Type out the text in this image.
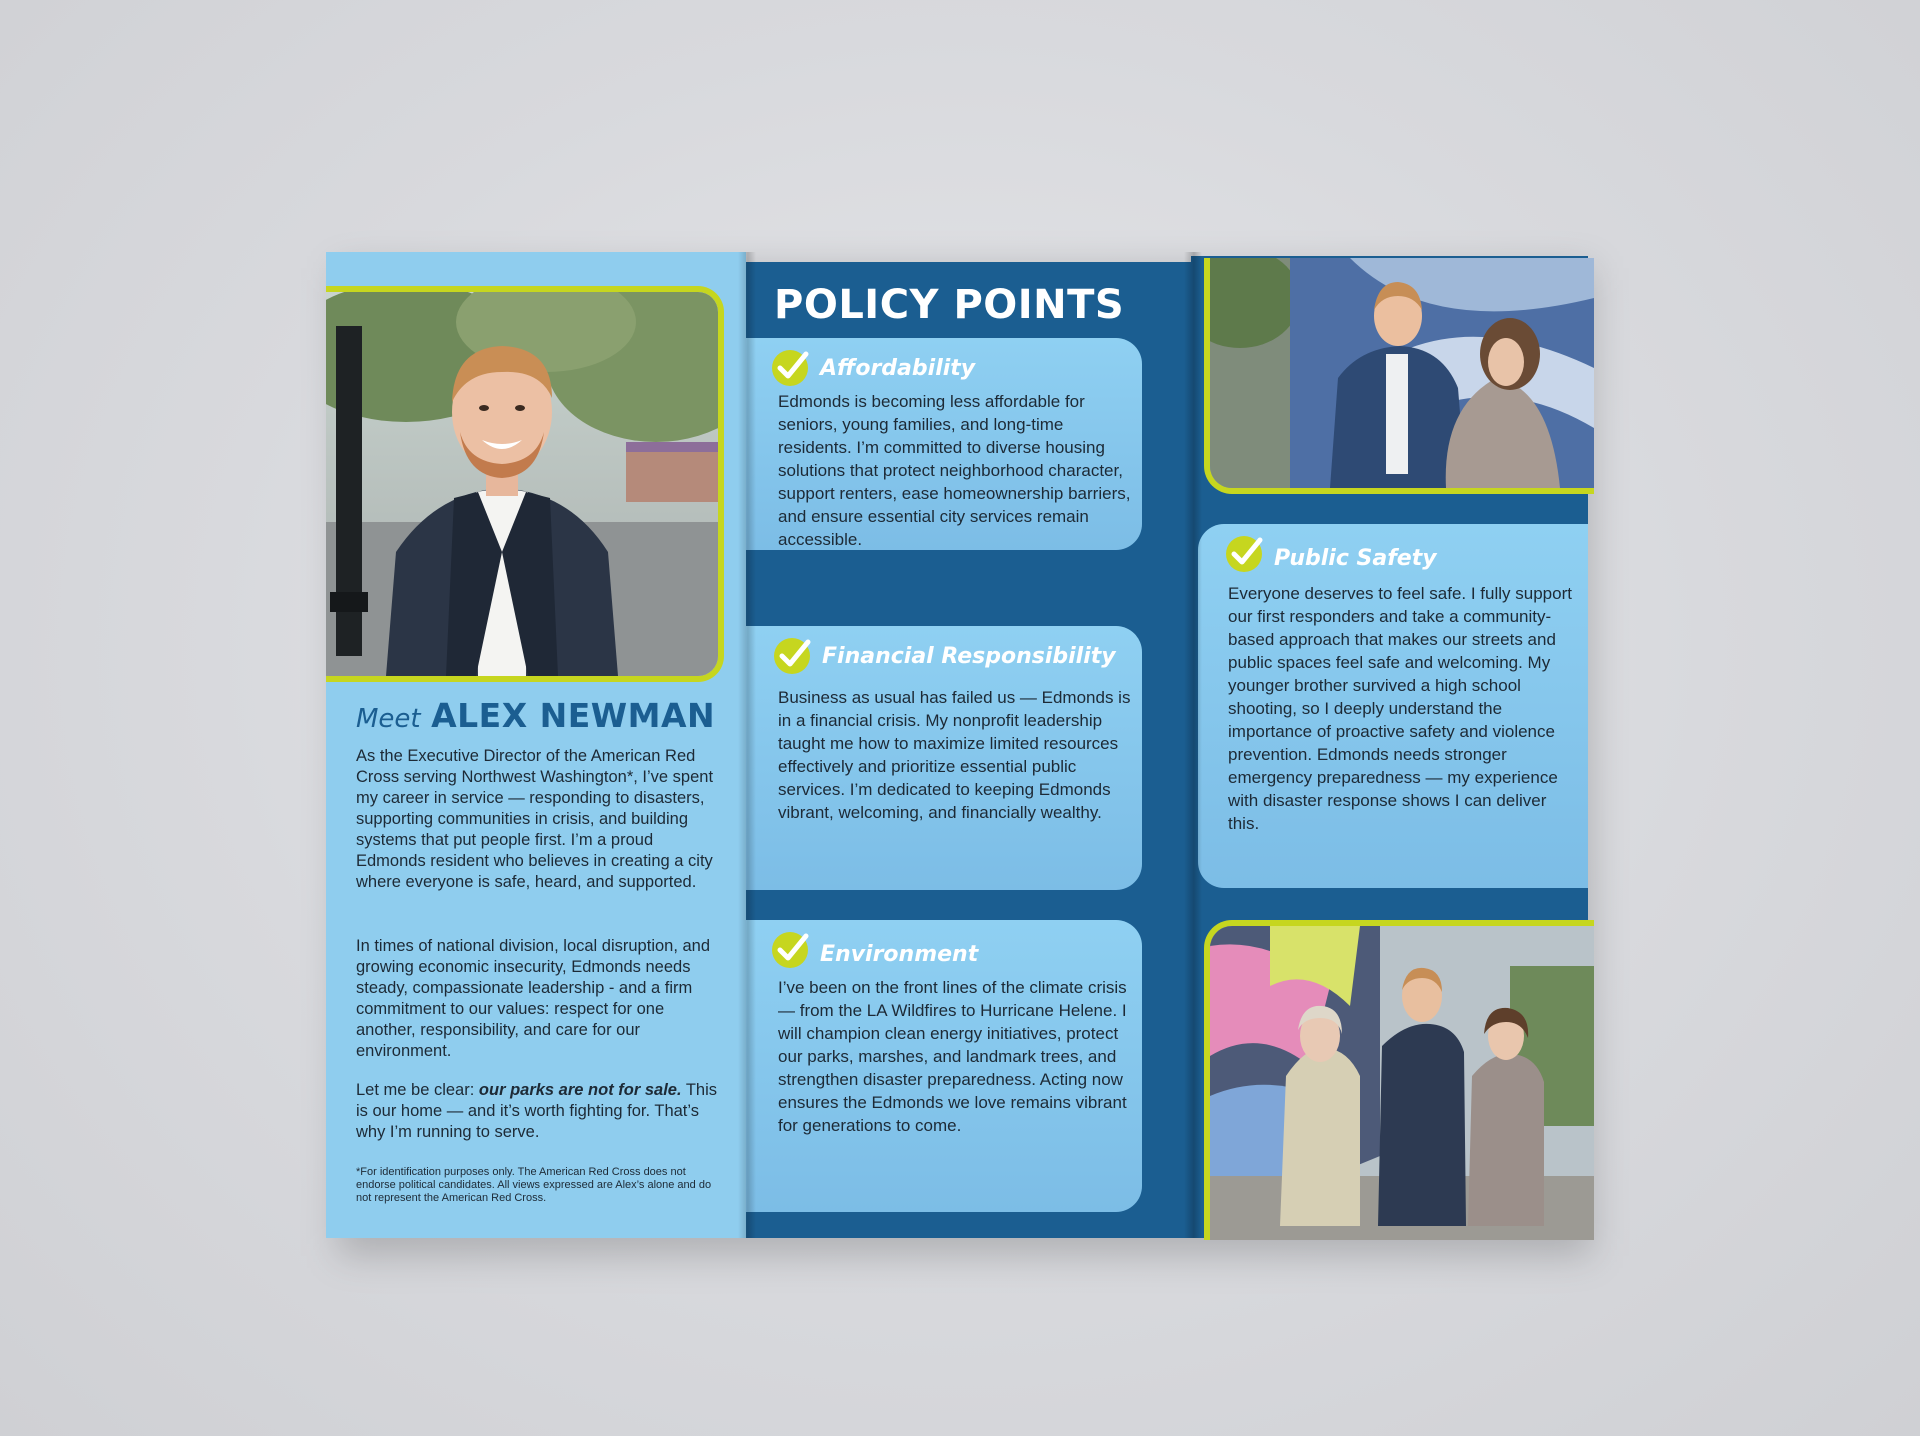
Meet ALEX NEWMAN

As the Executive Director of the American Red Cross serving Northwest Washington*, I’ve spent my career in service — responding to disasters, supporting communities in crisis, and building systems that put people first. I’m a proud Edmonds resident who believes in creating a city where everyone is safe, heard, and supported.

In times of national division, local disruption, and growing economic insecurity, Edmonds needs steady, compassionate leadership - and a firm commitment to our values: respect for one another, responsibility, and care for our environment.

Let me be clear: our parks are not for sale. This is our home — and it’s worth fighting for. That’s why I’m running to serve.

*For identification purposes only. The American Red Cross does not endorse political candidates. All views expressed are Alex’s alone and do not represent the American Red Cross.

POLICY POINTS
Affordability

Edmonds is becoming less affordable for seniors, young families, and long-time residents. I’m committed to diverse housing solutions that protect neighborhood character, support renters, ease homeownership barriers, and ensure essential city services remain accessible.

Financial Responsibility

Business as usual has failed us — Edmonds is in a financial crisis. My nonprofit leadership taught me how to maximize limited resources effectively and prioritize essential public services. I’m dedicated to keeping Edmonds vibrant, welcoming, and financially wealthy.

Environment

I’ve been on the front lines of the climate crisis — from the LA Wildfires to Hurricane Helene. I will champion clean energy initiatives, protect our parks, marshes, and landmark trees, and strengthen disaster preparedness. Acting now ensures the Edmonds we love remains vibrant for generations to come.

Public Safety

Everyone deserves to feel safe. I fully support our first responders and take a community-based approach that makes our streets and public spaces feel safe and welcoming. My younger brother survived a high school shooting, so I deeply understand the importance of proactive safety and violence prevention. Edmonds needs stronger emergency preparedness — my experience with disaster response shows I can deliver this.
